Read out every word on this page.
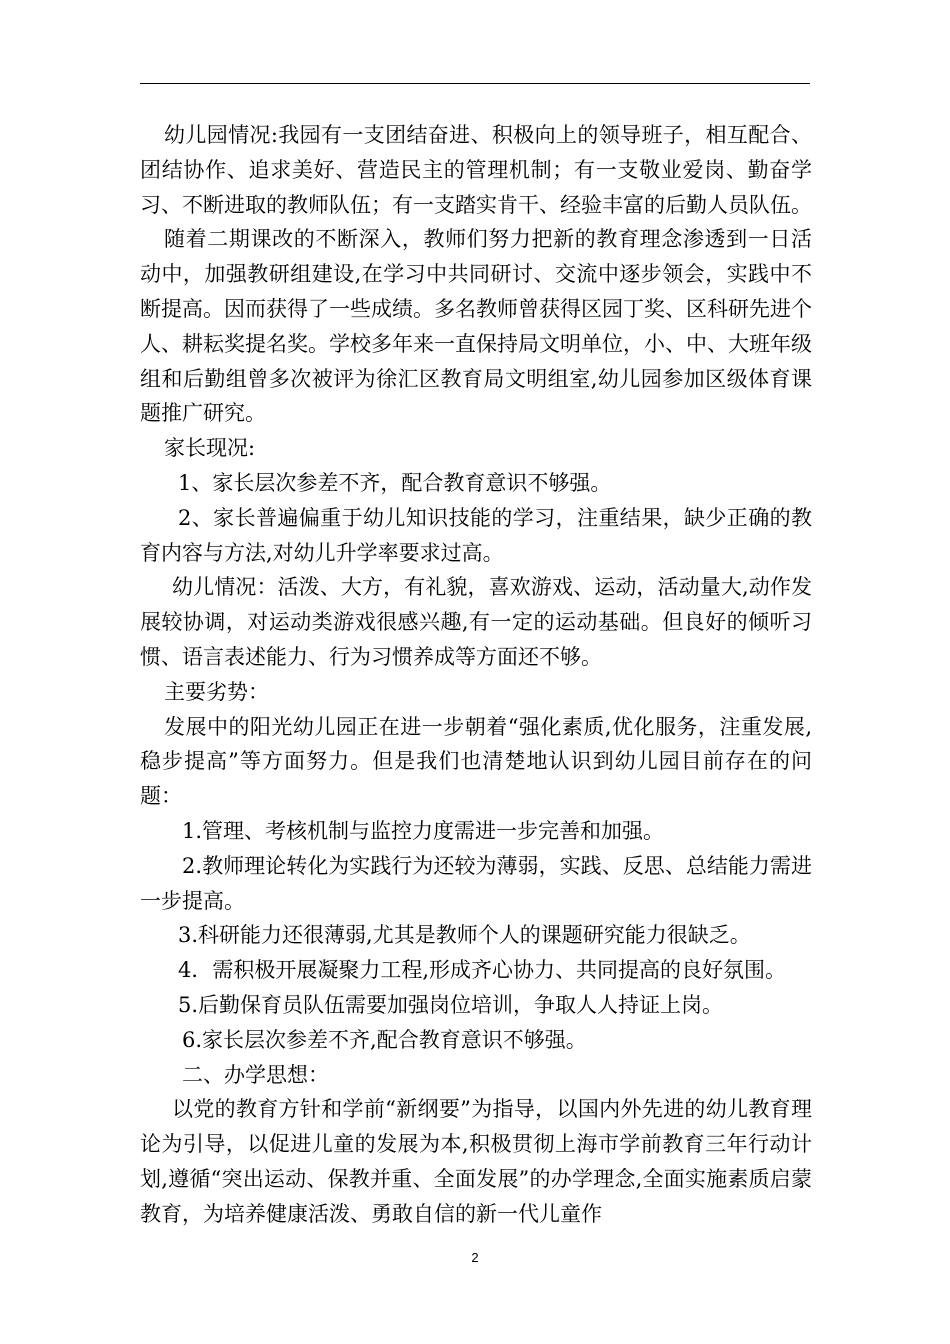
幼儿园情况:我园有一支团结奋进、积极向上的领导班子，相互配合、团结协作、追求美好、营造民主的管理机制；有一支敬业爱岗、勤奋学习、不断进取的教师队伍；有一支踏实肯干、经验丰富的后勤人员队伍。

随着二期课改的不断深入，教师们努力把新的教育理念渗透到一日活动中，加强教研组建设,在学习中共同研讨、交流中逐步领会，实践中不断提高。因而获得了一些成绩。多名教师曾获得区园丁奖、区科研先进个人、耕耘奖提名奖。学校多年来一直保持局文明单位，小、中、大班年级组和后勤组曾多次被评为徐汇区教育局文明组室,幼儿园参加区级体育课题推广研究。

家长现况:

1、家长层次参差不齐，配合教育意识不够强。

2、家长普遍偏重于幼儿知识技能的学习，注重结果，缺少正确的教育内容与方法,对幼儿升学率要求过高。

幼儿情况：活泼、大方，有礼貌，喜欢游戏、运动，活动量大,动作发展较协调，对运动类游戏很感兴趣,有一定的运动基础。但良好的倾听习惯、语言表述能力、行为习惯养成等方面还不够。

主要劣势：

发展中的阳光幼儿园正在进一步朝着“强化素质,优化服务，注重发展,稳步提高”等方面努力。但是我们也清楚地认识到幼儿园目前存在的问题：

1.管理、考核机制与监控力度需进一步完善和加强。

2.教师理论转化为实践行为还较为薄弱，实践、反思、总结能力需进一步提高。

3.科研能力还很薄弱,尤其是教师个人的课题研究能力很缺乏。

4．需积极开展凝聚力工程,形成齐心协力、共同提高的良好氛围。

5.后勤保育员队伍需要加强岗位培训，争取人人持证上岗。

6.家长层次参差不齐,配合教育意识不够强。

二、办学思想：

以党的教育方针和学前“新纲要”为指导，以国内外先进的幼儿教育理论为引导，以促进儿童的发展为本,积极贯彻上海市学前教育三年行动计划,遵循“突出运动、保教并重、全面发展”的办学理念,全面实施素质启蒙教育，为培养健康活泼、勇敢自信的新一代儿童作

2
